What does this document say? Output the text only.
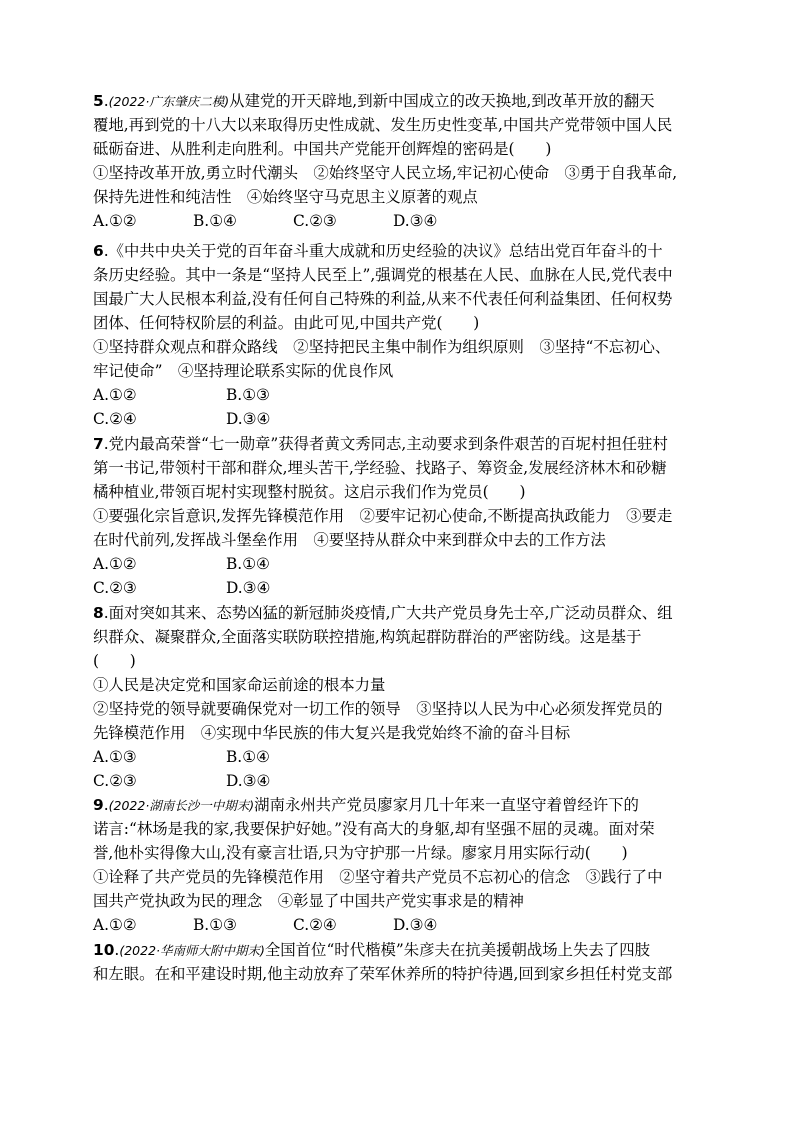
5.(2022·广东肇庆二模)从建党的开天辟地,到新中国成立的改天换地,到改革开放的翻天
覆地,再到党的十八大以来取得历史性成就、发生历史性变革,中国共产党带领中国人民
砥砺奋进、从胜利走向胜利。中国共产党能开创辉煌的密码是(　　)
①坚持改革开放,勇立时代潮头　②始终坚守人民立场,牢记初心使命　③勇于自我革命,
保持先进性和纯洁性　④始终坚守马克思主义原著的观点
A.①②	B.①④	C.②③	D.③④
6.《中共中央关于党的百年奋斗重大成就和历史经验的决议》总结出党百年奋斗的十
条历史经验。其中一条是“坚持人民至上”,强调党的根基在人民、血脉在人民,党代表中
国最广大人民根本利益,没有任何自己特殊的利益,从来不代表任何利益集团、任何权势
团体、任何特权阶层的利益。由此可见,中国共产党(　　)
①坚持群众观点和群众路线　②坚持把民主集中制作为组织原则　③坚持“不忘初心、
牢记使命”　④坚持理论联系实际的优良作风
A.①②	B.①③
C.②④	D.③④
7.党内最高荣誉“七一勋章”获得者黄文秀同志,主动要求到条件艰苦的百坭村担任驻村
第一书记,带领村干部和群众,埋头苦干,学经验、找路子、筹资金,发展经济林木和砂糖
橘种植业,带领百坭村实现整村脱贫。这启示我们作为党员(　　)
①要强化宗旨意识,发挥先锋模范作用　②要牢记初心使命,不断提高执政能力　③要走
在时代前列,发挥战斗堡垒作用　④要坚持从群众中来到群众中去的工作方法
A.①②	B.①④
C.②③	D.③④
8.面对突如其来、态势凶猛的新冠肺炎疫情,广大共产党员身先士卒,广泛动员群众、组
织群众、凝聚群众,全面落实联防联控措施,构筑起群防群治的严密防线。这是基于
(　　)
①人民是决定党和国家命运前途的根本力量
②坚持党的领导就要确保党对一切工作的领导　③坚持以人民为中心必须发挥党员的
先锋模范作用　④实现中华民族的伟大复兴是我党始终不渝的奋斗目标
A.①③	B.①④
C.②③	D.③④
9.(2022·湖南长沙一中期末)湖南永州共产党员廖家月几十年来一直坚守着曾经许下的
诺言:“林场是我的家,我要保护好她。”没有高大的身躯,却有坚强不屈的灵魂。面对荣
誉,他朴实得像大山,没有豪言壮语,只为守护那一片绿。廖家月用实际行动(　　)
①诠释了共产党员的先锋模范作用　②坚守着共产党员不忘初心的信念　③践行了中
国共产党执政为民的理念　④彰显了中国共产党实事求是的精神
A.①②	B.①③	C.②④	D.③④
10.(2022·华南师大附中期末)全国首位“时代楷模”朱彦夫在抗美援朝战场上失去了四肢
和左眼。在和平建设时期,他主动放弃了荣军休养所的特护待遇,回到家乡担任村党支部
